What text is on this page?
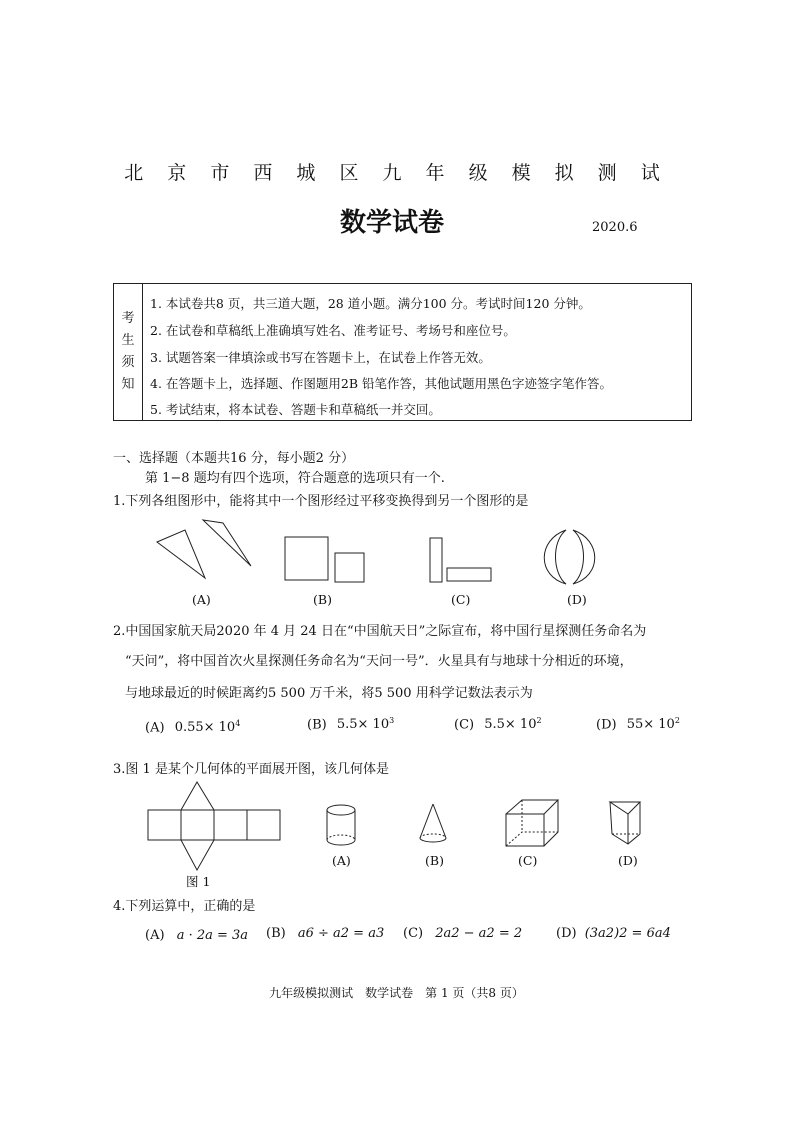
北 京 市 西 城 区 九 年 级 模 拟 测 试
数学试卷	2020.6
考
生
须
知
1. 本试卷共8 页，共三道大题，28 道小题。满分100 分。考试时间120 分钟。
2. 在试卷和草稿纸上准确填写姓名、准考证号、考场号和座位号。
3. 试题答案一律填涂或书写在答题卡上，在试卷上作答无效。
4. 在答题卡上，选择题、作图题用2B 铅笔作答，其他试题用黑色字迹签字笔作答。
5. 考试结束，将本试卷、答题卡和草稿纸一并交回。
一、选择题（本题共16 分，每小题2 分）
第 1−8 题均有四个选项，符合题意的选项只有一个.
1.下列各组图形中，能将其中一个图形经过平移变换得到另一个图形的是
(A)	(B)	(C)	(D)
2.中国国家航天局2020 年 4 月 24 日在“中国航天日”之际宣布，将中国行星探测任务命名为
“天问”，将中国首次火星探测任务命名为“天问一号”．火星具有与地球十分相近的环境，
与地球最近的时候距离约5 500 万千米，将5 500 用科学记数法表示为
(A) $0.55\times 10^4$	(B) $5.5\times 10^3$	(C) $5.5\times 10^2$	(D) $55\times 10^2$
3.图 1 是某个几何体的平面展开图，该几何体是
图 1
(A)	(B)	(C)	(D)
4.下列运算中，正确的是
(A) a · 2a = 3a (B) a6 ÷ a2 = a3 (C) 2a2 − a2 = 2	(D) (3a2)2 = 6a4
九年级模拟测试　数学试卷　第 1 页（共8 页）
